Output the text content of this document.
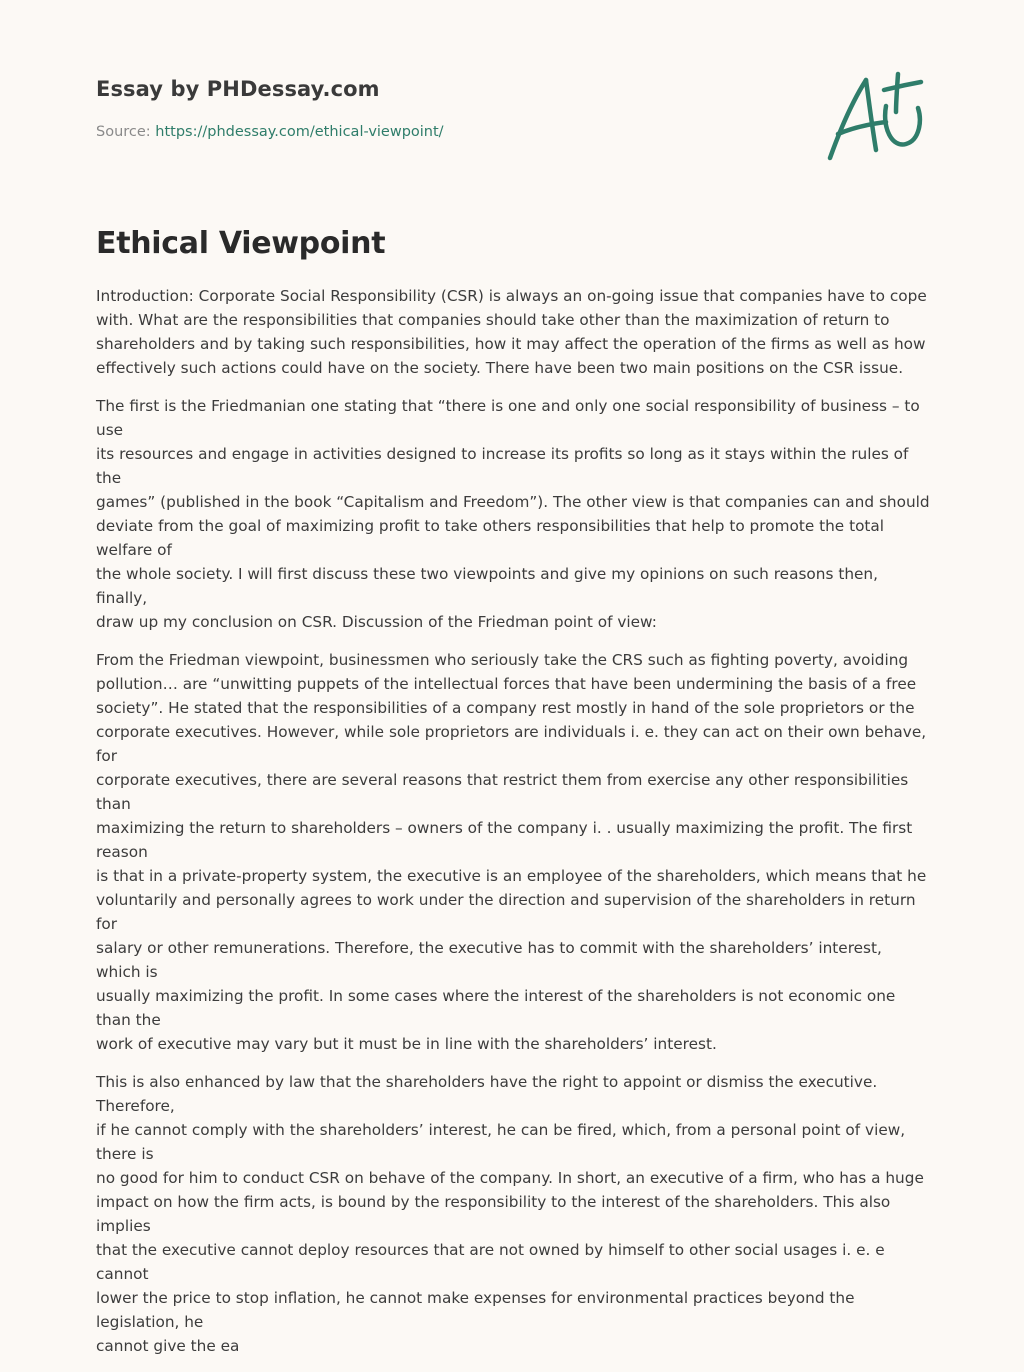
Essay by PHDessay.com
Source: https://phdessay.com/ethical-viewpoint/
Ethical Viewpoint

Introduction: Corporate Social Responsibility (CSR) is always an on-going issue that companies have to cope
with. What are the responsibilities that companies should take other than the maximization of return to
shareholders and by taking such responsibilities, how it may affect the operation of the firms as well as how
effectively such actions could have on the society. There have been two main positions on the CSR issue.

The first is the Friedmanian one stating that “there is one and only one social responsibility of business – to use
its resources and engage in activities designed to increase its profits so long as it stays within the rules of the
games” (published in the book “Capitalism and Freedom”). The other view is that companies can and should
deviate from the goal of maximizing profit to take others responsibilities that help to promote the total welfare of
the whole society. I will first discuss these two viewpoints and give my opinions on such reasons then, finally,
draw up my conclusion on CSR. Discussion of the Friedman point of view:

From the Friedman viewpoint, businessmen who seriously take the CRS such as fighting poverty, avoiding
pollution… are “unwitting puppets of the intellectual forces that have been undermining the basis of a free
society”. He stated that the responsibilities of a company rest mostly in hand of the sole proprietors or the
corporate executives. However, while sole proprietors are individuals i. e. they can act on their own behave, for
corporate executives, there are several reasons that restrict them from exercise any other responsibilities than
maximizing the return to shareholders – owners of the company i. . usually maximizing the profit. The first reason
is that in a private-property system, the executive is an employee of the shareholders, which means that he
voluntarily and personally agrees to work under the direction and supervision of the shareholders in return for
salary or other remunerations. Therefore, the executive has to commit with the shareholders’ interest, which is
usually maximizing the profit. In some cases where the interest of the shareholders is not economic one than the
work of executive may vary but it must be in line with the shareholders’ interest.

This is also enhanced by law that the shareholders have the right to appoint or dismiss the executive. Therefore,
if he cannot comply with the shareholders’ interest, he can be fired, which, from a personal point of view, there is
no good for him to conduct CSR on behave of the company. In short, an executive of a firm, who has a huge
impact on how the firm acts, is bound by the responsibility to the interest of the shareholders. This also implies
that the executive cannot deploy resources that are not owned by himself to other social usages i. e. e cannot
lower the price to stop inflation, he cannot make expenses for environmental practices beyond the legislation, he
cannot give the ea
